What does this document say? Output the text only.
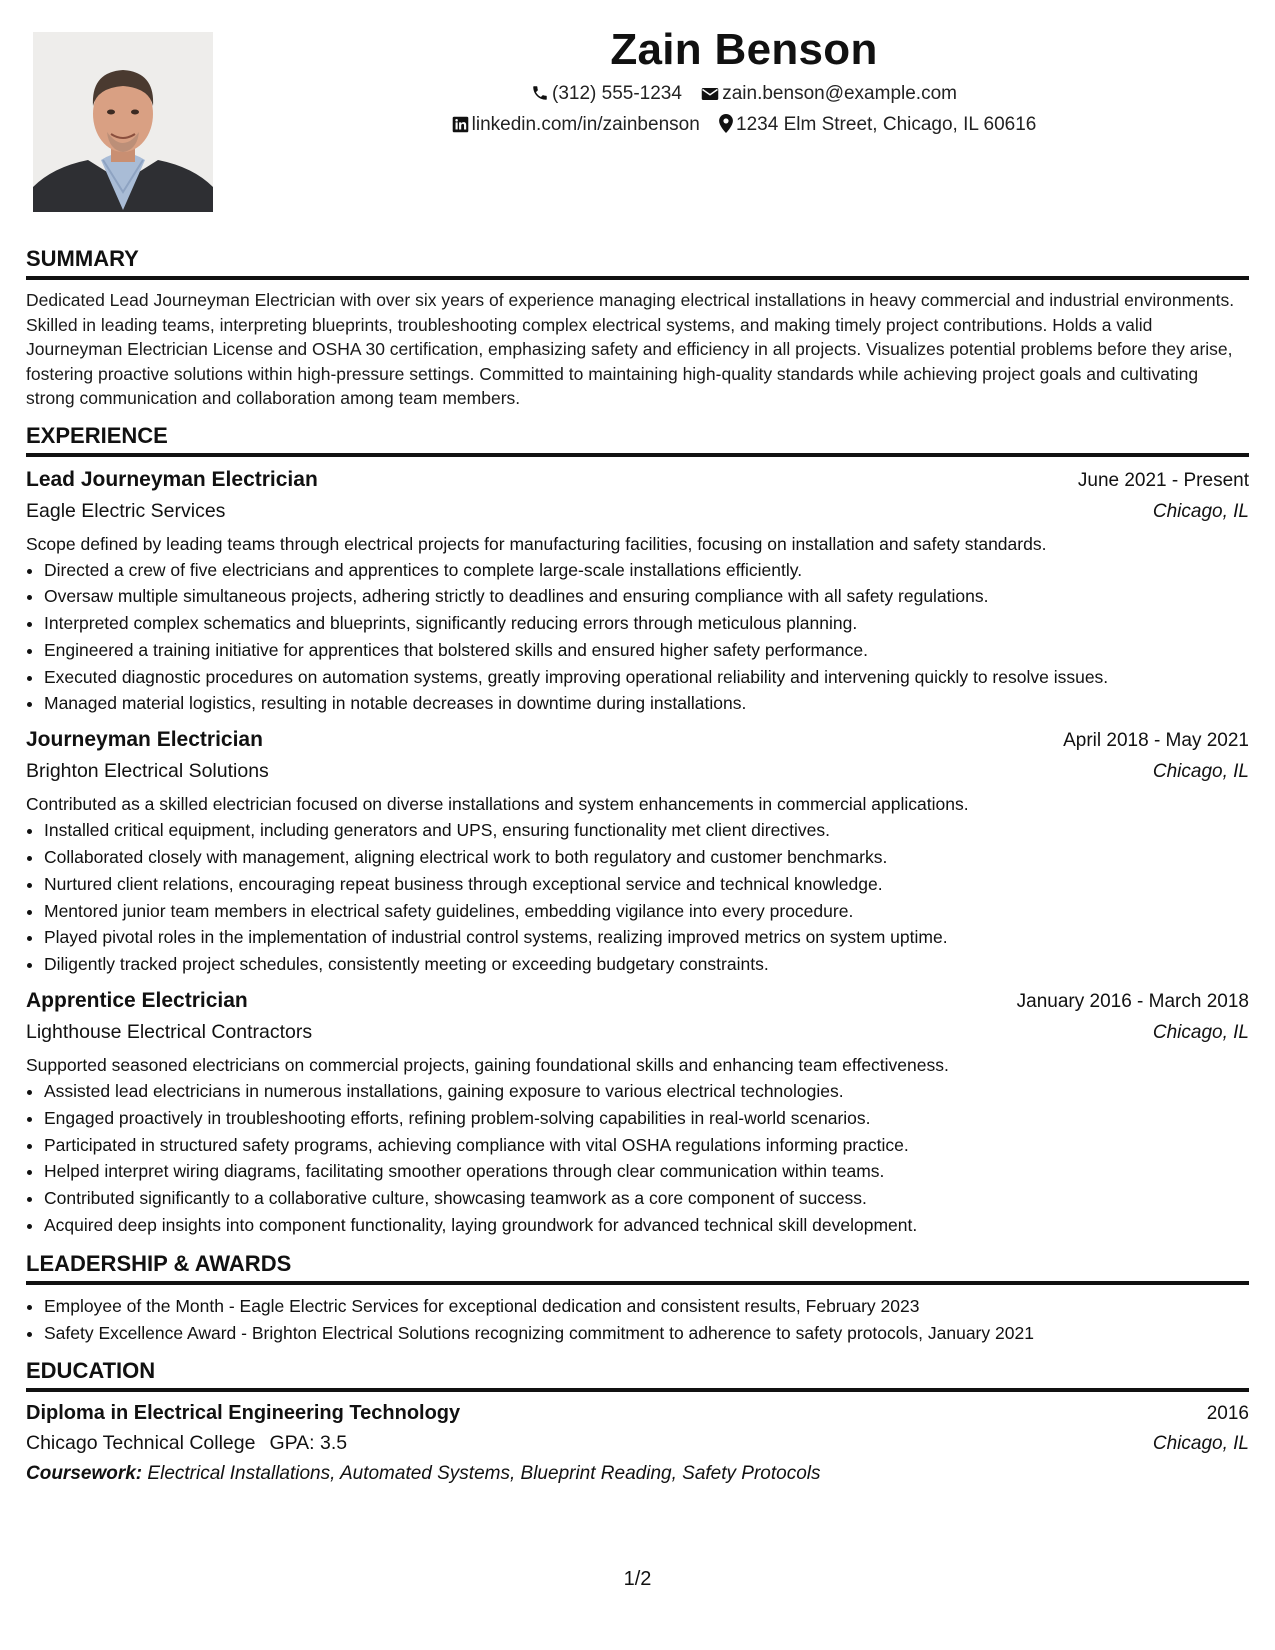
Zain Benson
(312) 555-1234 zain.benson@example.com
linkedin.com/in/zainbenson 1234 Elm Street, Chicago, IL 60616
SUMMARY

Dedicated Lead Journeyman Electrician with over six years of experience managing electrical installations in heavy commercial and industrial environments. Skilled in leading teams, interpreting blueprints, troubleshooting complex electrical systems, and making timely project contributions. Holds a valid Journeyman Electrician License and OSHA 30 certification, emphasizing safety and efficiency in all projects. Visualizes potential problems before they arise, fostering proactive solutions within high-pressure settings. Committed to maintaining high-quality standards while achieving project goals and cultivating strong communication and collaboration among team members.

EXPERIENCE
Lead Journeyman Electrician	June 2021 - Present
Eagle Electric Services	Chicago, IL
Scope defined by leading teams through electrical projects for manufacturing facilities, focusing on installation and safety standards.
• Directed a crew of five electricians and apprentices to complete large-scale installations efficiently.
• Oversaw multiple simultaneous projects, adhering strictly to deadlines and ensuring compliance with all safety regulations.
• Interpreted complex schematics and blueprints, significantly reducing errors through meticulous planning.
• Engineered a training initiative for apprentices that bolstered skills and ensured higher safety performance.
• Executed diagnostic procedures on automation systems, greatly improving operational reliability and intervening quickly to resolve issues.
• Managed material logistics, resulting in notable decreases in downtime during installations.
Journeyman Electrician	April 2018 - May 2021
Brighton Electrical Solutions	Chicago, IL
Contributed as a skilled electrician focused on diverse installations and system enhancements in commercial applications.
• Installed critical equipment, including generators and UPS, ensuring functionality met client directives.
• Collaborated closely with management, aligning electrical work to both regulatory and customer benchmarks.
• Nurtured client relations, encouraging repeat business through exceptional service and technical knowledge.
• Mentored junior team members in electrical safety guidelines, embedding vigilance into every procedure.
• Played pivotal roles in the implementation of industrial control systems, realizing improved metrics on system uptime.
• Diligently tracked project schedules, consistently meeting or exceeding budgetary constraints.
Apprentice Electrician	January 2016 - March 2018
Lighthouse Electrical Contractors	Chicago, IL
Supported seasoned electricians on commercial projects, gaining foundational skills and enhancing team effectiveness.
• Assisted lead electricians in numerous installations, gaining exposure to various electrical technologies.
• Engaged proactively in troubleshooting efforts, refining problem-solving capabilities in real-world scenarios.
• Participated in structured safety programs, achieving compliance with vital OSHA regulations informing practice.
• Helped interpret wiring diagrams, facilitating smoother operations through clear communication within teams.
• Contributed significantly to a collaborative culture, showcasing teamwork as a core component of success.
• Acquired deep insights into component functionality, laying groundwork for advanced technical skill development.
LEADERSHIP & AWARDS
• Employee of the Month - Eagle Electric Services for exceptional dedication and consistent results, February 2023
• Safety Excellence Award - Brighton Electrical Solutions recognizing commitment to adherence to safety protocols, January 2021
EDUCATION
Diploma in Electrical Engineering Technology	2016
Chicago Technical College GPA: 3.5	Chicago, IL
Coursework: Electrical Installations, Automated Systems, Blueprint Reading, Safety Protocols
1/2
